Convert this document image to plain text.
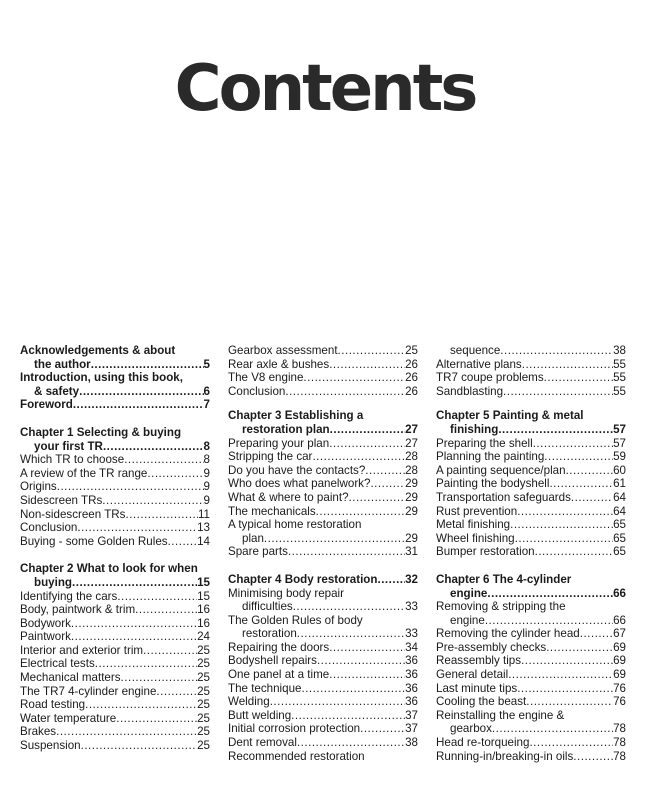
Contents
Acknowledgements & about
the author .....	5
Introduction, using this book,
& safety .....	6
Foreword .....	7
Chapter 1 Selecting & buying
your first TR .....	8
Which TR to choose .....	8
A review of the TR range .....	9
Origins .....	9
Sidescreen TRs .....	9
Non-sidescreen TRs .....	11
Conclusion .....	13
Buying - some Golden Rules .....	14
Chapter 2 What to look for when
buying .....	15
Identifying the cars .....	15
Body, paintwork & trim .....	16
Bodywork .....	16
Paintwork .....	24
Interior and exterior trim .....	25
Electrical tests .....	25
Mechanical matters .....	25
The TR7 4-cylinder engine .....	25
Road testing .....	25
Water temperature .....	25
Brakes .....	25
Suspension .....	25
Gearbox assessment .....	25
Rear axle & bushes .....	26
The V8 engine .....	26
Conclusion .....	26
Chapter 3 Establishing a
restoration plan .....	27
Preparing your plan .....	27
Stripping the car .....	28
Do you have the contacts? .....	28
Who does what panelwork? .....	29
What & where to paint? .....	29
The mechanicals .....	29
A typical home restoration
plan .....	29
Spare parts .....	31
Chapter 4 Body restoration ..... 32
Minimising body repair
difficulties .....	33
The Golden Rules of body
restoration .....	33
Repairing the doors .....	34
Bodyshell repairs .....	36
One panel at a time .....	36
The technique .....	36
Welding .....	36
Butt welding .....	37
Initial corrosion protection .....	37
Dent removal .....	38
Recommended restoration
sequence .....	38
Alternative plans .....	55
TR7 coupe problems .....	55
Sandblasting .....	55
Chapter 5 Painting & metal
finishing .....	57
Preparing the shell .....	57
Planning the painting .....	59
A painting sequence/plan .....	60
Painting the bodyshell .....	61
Transportation safeguards .....	64
Rust prevention .....	64
Metal finishing .....	65
Wheel finishing .....	65
Bumper restoration .....	65
Chapter 6 The 4-cylinder
engine .....	66
Removing & stripping the
engine .....	66
Removing the cylinder head .....	67
Pre-assembly checks .....	69
Reassembly tips .....	69
General detail .....	69
Last minute tips .....	76
Cooling the beast .....	76
Reinstalling the engine &
gearbox .....	78
Head re-torqueing .....	78
Running-in/breaking-in oils .....	78
